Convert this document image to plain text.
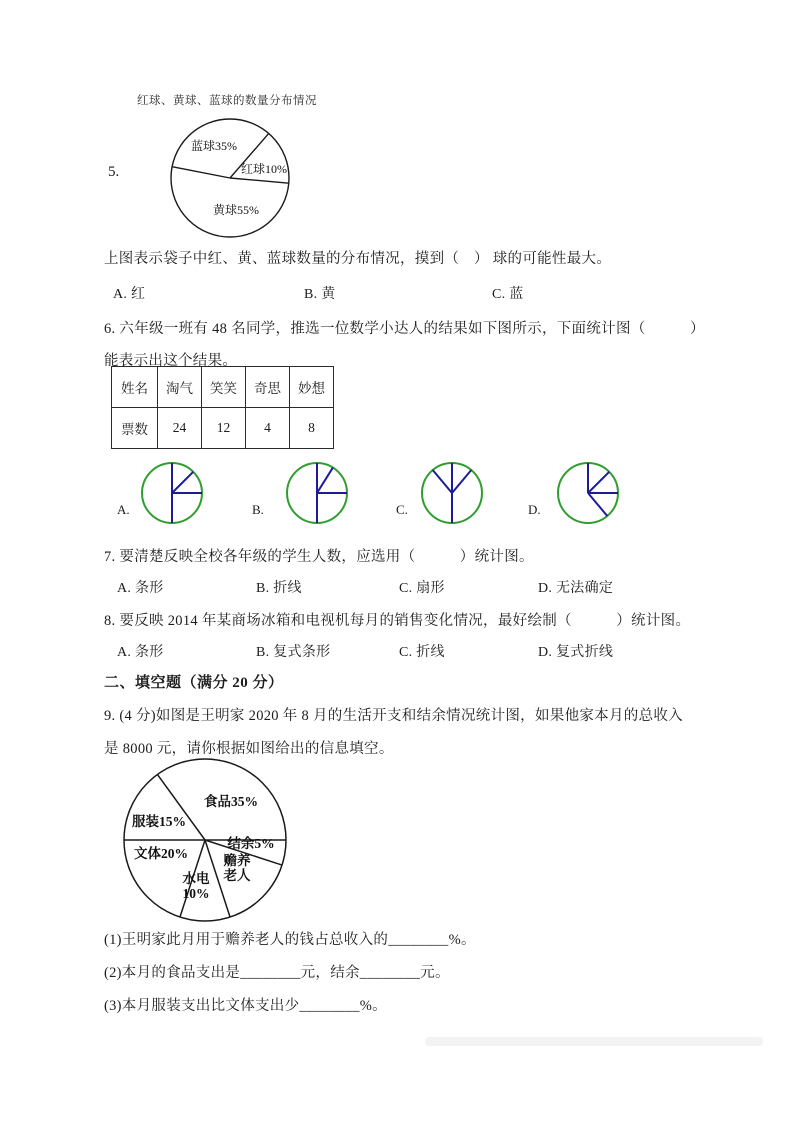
红球、黄球、蓝球的数量分布情况
5.
蓝球35%
红球10%
黄球55%
上图表示袋子中红、黄、蓝球数量的分布情况，摸到（　） 球的可能性最大。
A. 红	B. 黄	C. 蓝
6. 六年级一班有 48 名同学，推选一位数学小达人的结果如下图所示，下面统计图（　　　）
能表示出这个结果。
姓名	淘气	笑笑	奇思	妙想
票数	24	12	4	8
A.	B.	C.	D.
7. 要清楚反映全校各年级的学生人数，应选用（　　　）统计图。
A. 条形	B. 折线	C. 扇形	D. 无法确定
8. 要反映 2014 年某商场冰箱和电视机每月的销售变化情况，最好绘制（　　　）统计图。
A. 条形	B. 复式条形	C. 折线	D. 复式折线
二、填空题（满分 20 分）
9. (4 分)如图是王明家 2020 年 8 月的生活开支和结余情况统计图，如果他家本月的总收入
是 8000 元，请你根据如图给出的信息填空。
食品35%
服装15%
文体20%
水电 10%
赡养老人
结余5%
(1)王明家此月用于赡养老人的钱占总收入的________%。
(2)本月的食品支出是________元，结余________元。
(3)本月服装支出比文体支出少________%。
